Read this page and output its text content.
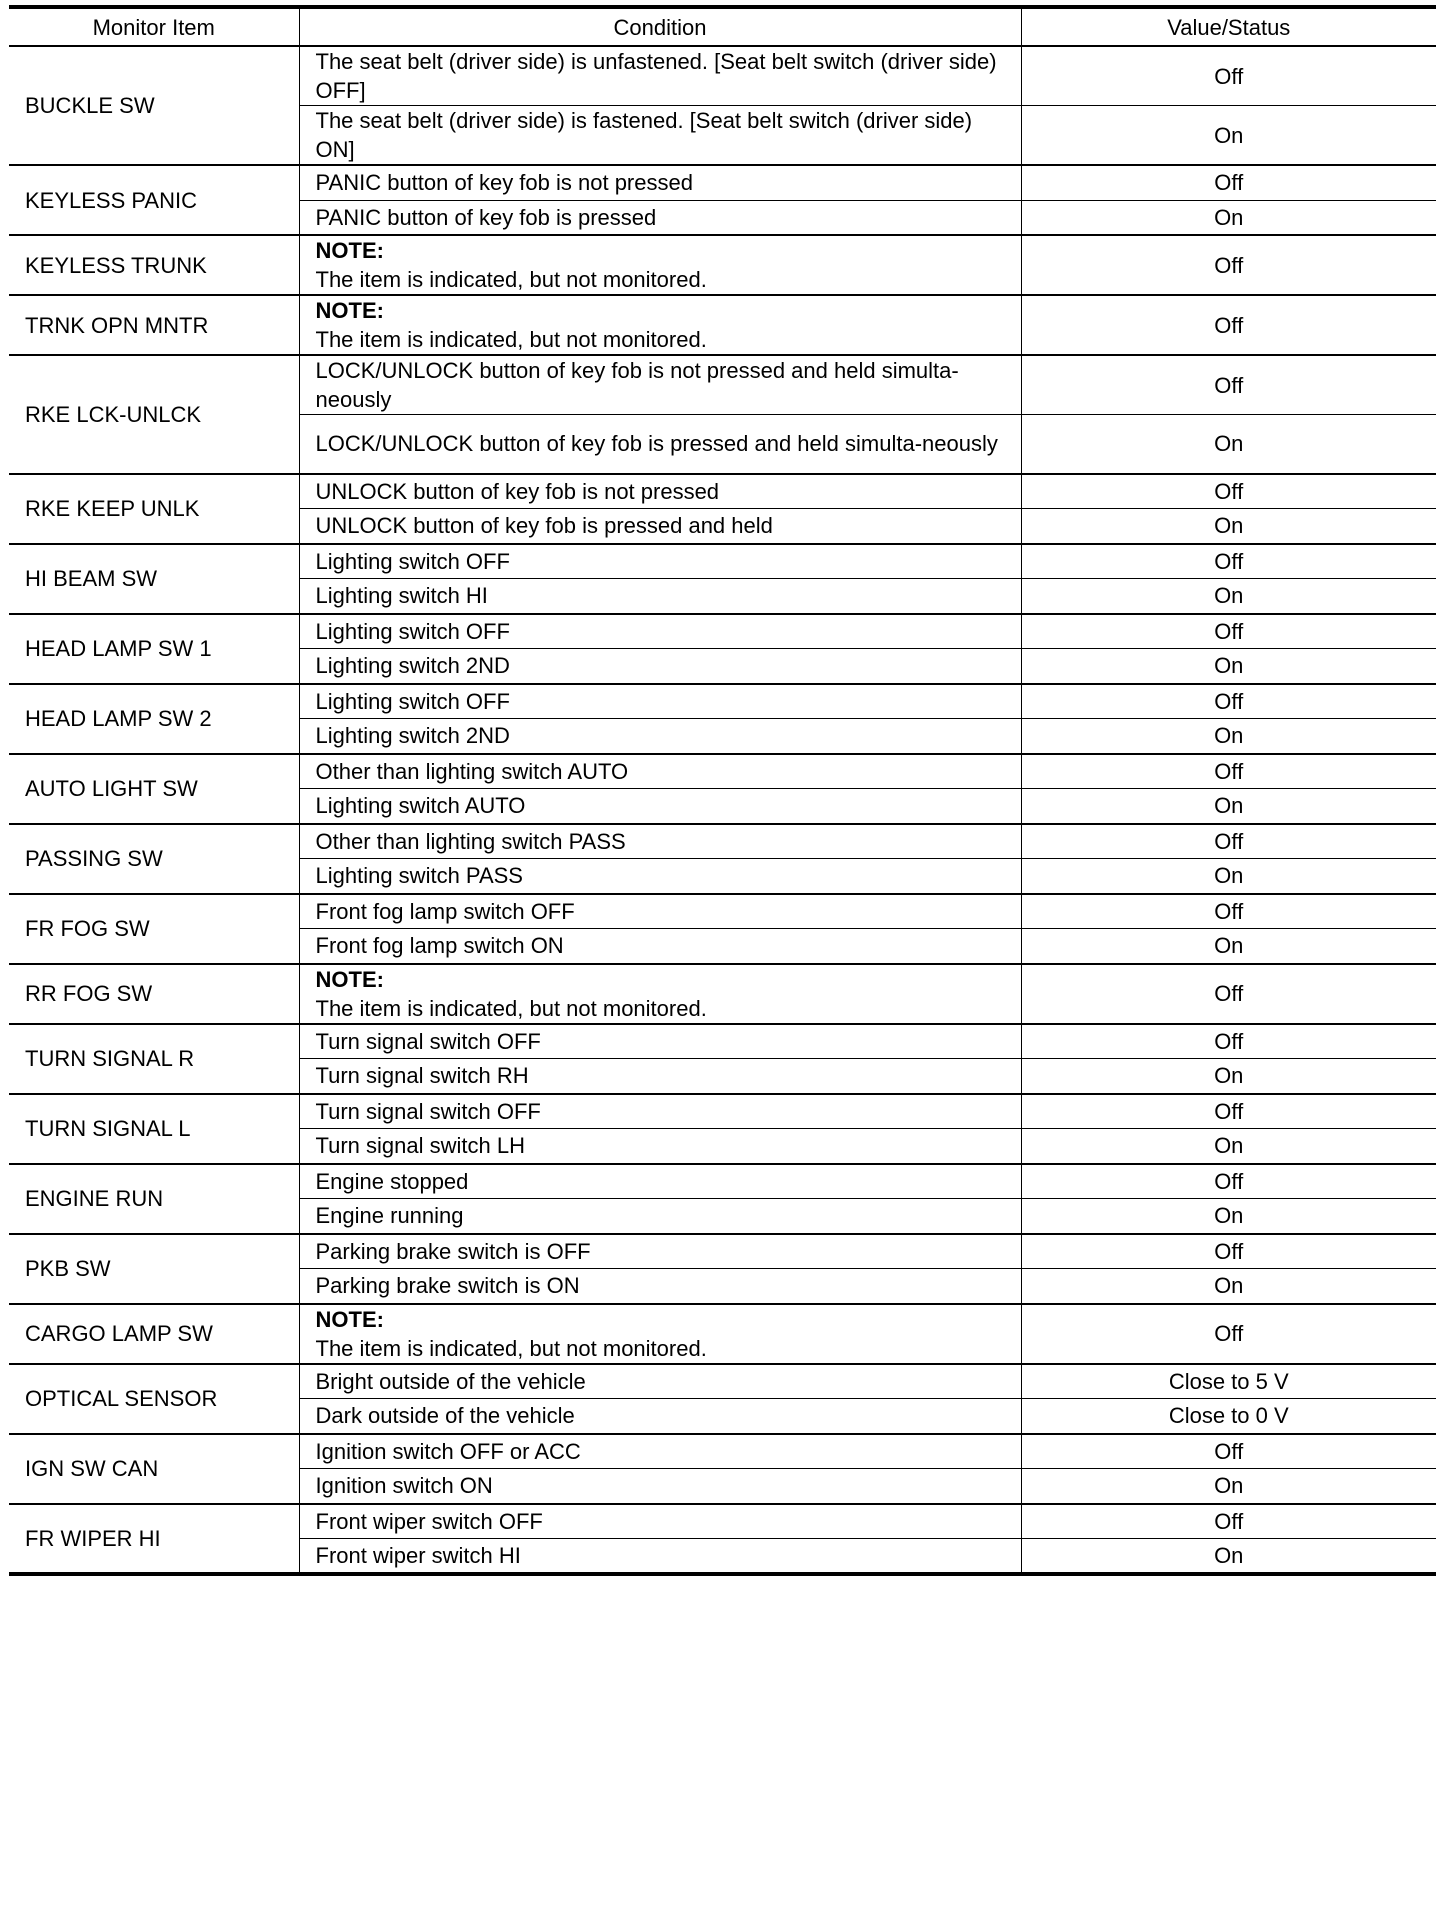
Monitor Item	Condition	Value/Status
BUCKLE SW	The seat belt (driver side) is unfastened. [Seat belt switch (driver side) OFF]	Off
	The seat belt (driver side) is fastened. [Seat belt switch (driver side) ON]	On
KEYLESS PANIC	PANIC button of key fob is not pressed	Off
	PANIC button of key fob is pressed	On
KEYLESS TRUNK	NOTE:
The item is indicated, but not monitored.	Off
TRNK OPN MNTR	NOTE:
The item is indicated, but not monitored.	Off
RKE LCK-UNLCK	LOCK/UNLOCK button of key fob is not pressed and held simulta-neously	Off
	LOCK/UNLOCK button of key fob is pressed and held simulta-neously	On
RKE KEEP UNLK	UNLOCK button of key fob is not pressed	Off
	UNLOCK button of key fob is pressed and held	On
HI BEAM SW	Lighting switch OFF	Off
	Lighting switch HI	On
HEAD LAMP SW 1	Lighting switch OFF	Off
	Lighting switch 2ND	On
HEAD LAMP SW 2	Lighting switch OFF	Off
	Lighting switch 2ND	On
AUTO LIGHT SW	Other than lighting switch AUTO	Off
	Lighting switch AUTO	On
PASSING SW	Other than lighting switch PASS	Off
	Lighting switch PASS	On
FR FOG SW	Front fog lamp switch OFF	Off
	Front fog lamp switch ON	On
RR FOG SW	NOTE:
The item is indicated, but not monitored.	Off
TURN SIGNAL R	Turn signal switch OFF	Off
	Turn signal switch RH	On
TURN SIGNAL L	Turn signal switch OFF	Off
	Turn signal switch LH	On
ENGINE RUN	Engine stopped	Off
	Engine running	On
PKB SW	Parking brake switch is OFF	Off
	Parking brake switch is ON	On
CARGO LAMP SW	NOTE:
The item is indicated, but not monitored.	Off
OPTICAL SENSOR	Bright outside of the vehicle	Close to 5 V
	Dark outside of the vehicle	Close to 0 V
IGN SW CAN	Ignition switch OFF or ACC	Off
	Ignition switch ON	On
FR WIPER HI	Front wiper switch OFF	Off
	Front wiper switch HI	On
